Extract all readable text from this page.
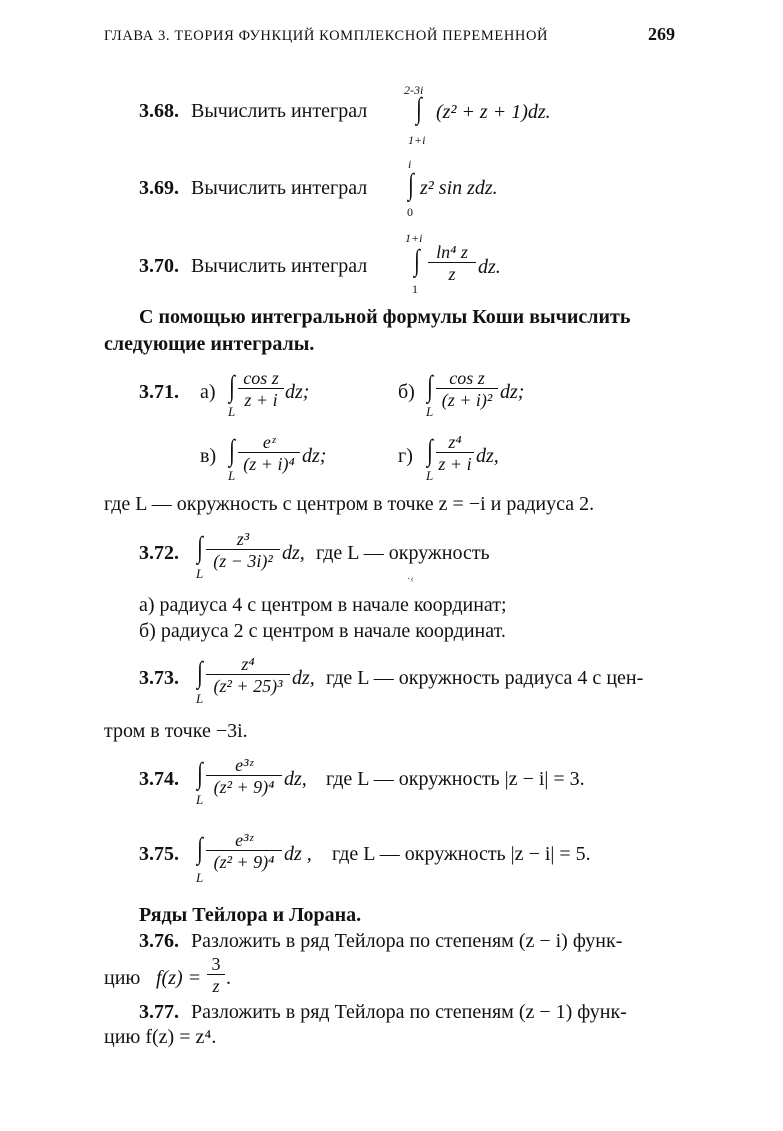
ГЛАВА 3. ТЕОРИЯ ФУНКЦИЙ КОМПЛЕКСНОЙ ПЕРЕМЕННОЙ	269
3.68. Вычислить интеграл
2-3i
∫
1+i
(z² + z + 1)dz.
3.69. Вычислить интеграл
i
∫
0
z² sin zdz.
3.70. Вычислить интеграл
1+i
∫
1
$\frac{\text{ln⁴ z}}{z}$ dz.
С помощью интегральной формулы Коши вычислить
следующие интегралы.
3.71. а) ∫
L
$\frac{\text{cos z}}{z + i}$ dz;	б) ∫
L
$\frac{\text{cos z}}{\text{(z + i)²}}$ dz;
в) ∫
L
$\frac{\text{eᶻ}}{\text{(z + i)⁴}}$ dz;	г) ∫
L
$\frac{\text{z⁴}}{z + i}$ dz,
где L — окружность с центром в точке z = −i и радиуса 2.
3.72. ∫
L
$\frac{\text{z³}}{\text{(z − 3i)²}}$ dz, где L — окружность
·‹
а) радиуса 4 с центром в начале координат;
б) радиуса 2 с центром в начале координат.
3.73. ∫
L
$\frac{\text{z⁴}}{\text{(z² + 25)³}}$ dz, где L — окружность радиуса 4 с цен-
тром в точке −3i.
3.74. ∫
L
$\frac{\text{e³ᶻ}}{\text{(z² + 9)⁴}}$ dz, где L — окружность |z − i| = 3.
3.75. ∫
L
$\frac{\text{e³ᶻ}}{\text{(z² + 9)⁴}}$ dz , где L — окружность |z − i| = 5.
Ряды Тейлора и Лорана.
3.76. Разложить в ряд Тейлора по степеням (z − i) функ-
цию $f(z) = \frac{3}{z}$ .
3.77. Разложить в ряд Тейлора по степеням (z − 1) функ-
цию f(z) = z⁴.
